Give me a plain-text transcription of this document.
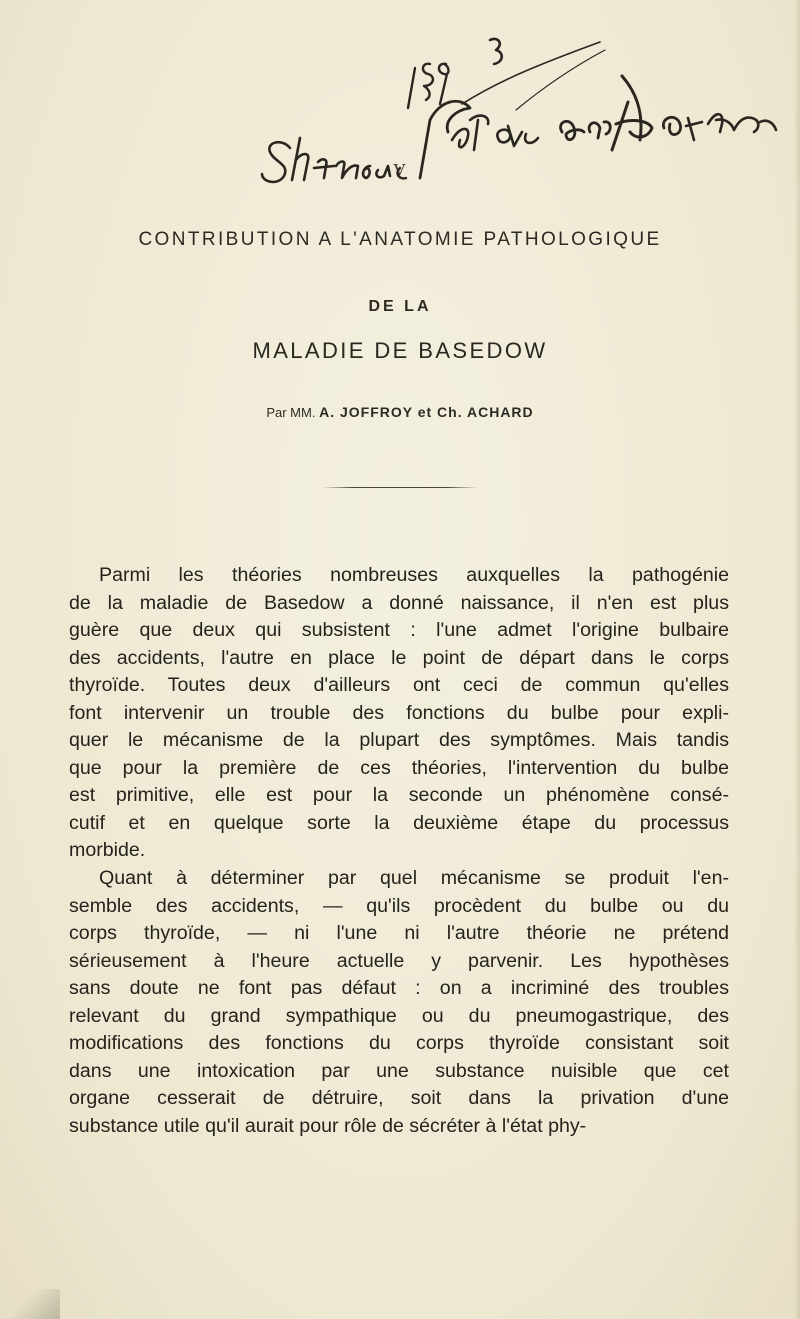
V
CONTRIBUTION A L'ANATOMIE PATHOLOGIQUE
DE LA
MALADIE DE BASEDOW
Par MM. A. JOFFROY et Ch. ACHARD
Parmi les théories nombreuses auxquelles la pathogénie
de la maladie de Basedow a donné naissance, il n'en est plus
guère que deux qui subsistent : l'une admet l'origine bulbaire
des accidents, l'autre en place le point de départ dans le corps
thyroïde. Toutes deux d'ailleurs ont ceci de commun qu'elles
font intervenir un trouble des fonctions du bulbe pour expli-
quer le mécanisme de la plupart des symptômes. Mais tandis
que pour la première de ces théories, l'intervention du bulbe
est primitive, elle est pour la seconde un phénomène consé-
cutif et en quelque sorte la deuxième étape du processus
morbide.
Quant à déterminer par quel mécanisme se produit l'en-
semble des accidents, — qu'ils procèdent du bulbe ou du
corps thyroïde, — ni l'une ni l'autre théorie ne prétend
sérieusement à l'heure actuelle y parvenir. Les hypothèses
sans doute ne font pas défaut : on a incriminé des troubles
relevant du grand sympathique ou du pneumogastrique, des
modifications des fonctions du corps thyroïde consistant soit
dans une intoxication par une substance nuisible que cet
organe cesserait de détruire, soit dans la privation d'une
substance utile qu'il aurait pour rôle de sécréter à l'état phy-
